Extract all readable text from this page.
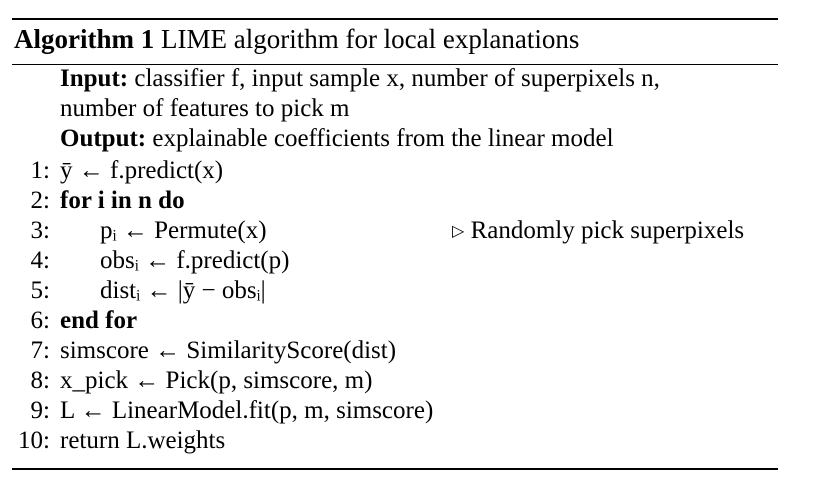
Algorithm 1 LIME algorithm for local explanations
Input: classifier f, input sample x, number of superpixels n,
number of features to pick m
Output: explainable coefficients from the linear model
1: ȳ ← f.predict(x)
2: for i in n do
3: pᵢ ← Permute(x)	▷ Randomly pick superpixels
4: obsᵢ ← f.predict(p)
5: distᵢ ← |ȳ − obsᵢ|
6: end for
7: simscore ← SimilarityScore(dist)
8: x_pick ← Pick(p, simscore, m)
9: L ← LinearModel.fit(p, m, simscore)
10: return L.weights
